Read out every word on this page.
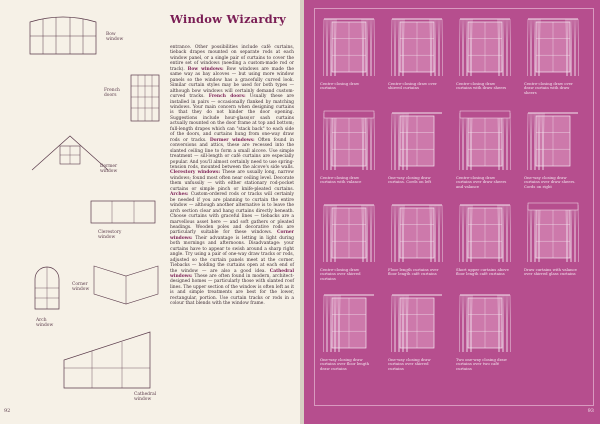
Window Wizardry
Bow window
French doors
Dormer window
Clerestory window
Corner window
Arch window
Cathedral window
entrance. Other possibilities include café curtains, tieback drapes mounted on separate rods at each window panel, or a single pair of curtains to cover the entire set of windows (needing a custom-made rod or track). Bow windows: Bow windows are made the same way as bay alcoves — but using more window panels so the window has a gracefully curved look. Similar curtain styles may be used for both types — although bow windows will certainly demand custom-curved tracks. French doors: Usually these are installed in pairs — occasionally flanked by matching windows. Your main concern when designing curtains is that they do not hinder the door opening. Suggestions include hour-glass(or sash curtains actually mounted on the door frame at top and bottom; full-length drapes which can "stack back" to each side of the doors, and curtains hung from one-way draw rods or tracks. Dormer windows: Often found in conversions and attics, these are recessed into the slanted ceiling line to form a small alcove. Use simple treatment — sill-length or café curtains are especially popular. And you'll almost certainly need to use spring-tension rods, mounted between the alcove's side walls. Clerestory windows: These are usually long, narrow windows; found most often near ceiling level. Decorate them unfussily — with either stationary rod-pocket curtains or simple pinch or knife-pleated curtains. Arches: Custom-ordered rods or tracks will certainly be needed if you are planning to curtain the entire window — although another alternative is to leave the arch section clear and hang curtains directly beneath. Choose curtains with graceful lines — tiebacks are a marvellous asset here — and soft gathers or pleated headings. Wooden poles and decorative rods are particularly suitable for these windows. Corner windows: Their advantage is letting in light during both mornings and afternoons. Disadvantage: your curtains have to appear to swish around a sharp right angle. Try using a pair of one-way draw tracks or rods, adjusted so the curtain panels meet at the corner. Tiebacks — holding the curtains open at each end of the window — are also a good idea. Cathedral windows: These are often found in modern, architect-designed homes — particularly those with slanted roof lines. The upper section of the window is often left as it is and simple treatments are best for the lower, rectangular, portion. Use curtain tracks or rods in a colour that blends with the window frame.
92
Centre-closing draw curtains
Centre-closing draw over shirred curtains
Centre-closing draw curtains with draw sheers
Centre-closing draw over draw curtain with draw sheers
Centre-closing draw curtains with valance
One-way closing draw curtains. Cords on left
Centre-closing draw curtains over draw sheers and valance
One-way closing draw curtains over draw sheers. Cords on right
Centre-closing draw curtains over shirred curtains
Floor length curtains over floor length café curtains
Short upper curtains above floor length café curtains
Draw curtains with valance over shirred glass curtains
One-way closing draw curtains over floor length draw curtains
One-way closing draw curtains over shirred curtains
Two one-way closing draw curtains over two café curtains
93
